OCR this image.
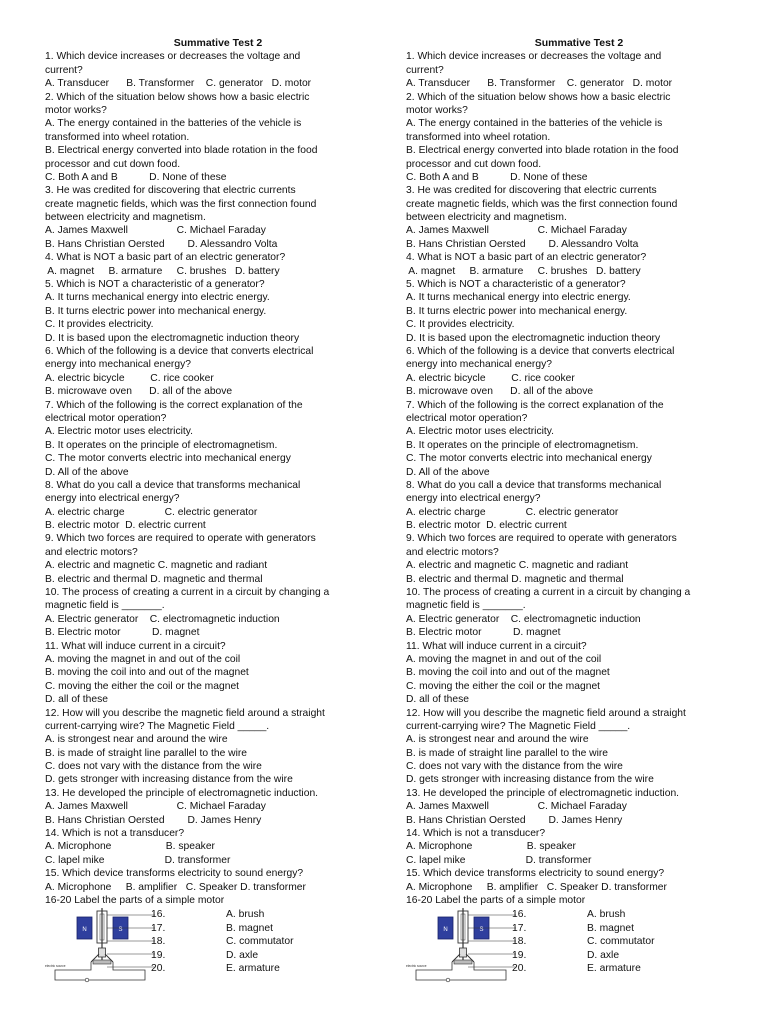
Summative Test 2
1. Which device increases or decreases the voltage and
current?
A. Transducer      B. Transformer    C. generator   D. motor
2. Which of the situation below shows how a basic electric
motor works?
A. The energy contained in the batteries of the vehicle is
transformed into wheel rotation.
B. Electrical energy converted into blade rotation in the food
processor and cut down food.
C. Both A and B           D. None of these
3. He was credited for discovering that electric currents
create magnetic fields, which was the first connection found
between electricity and magnetism.
A. James Maxwell                 C. Michael Faraday
B. Hans Christian Oersted        D. Alessandro Volta
4. What is NOT a basic part of an electric generator?
A. magnet     B. armature     C. brushes   D. battery
5. Which is NOT a characteristic of a generator?
A. It turns mechanical energy into electric energy.
B. It turns electric power into mechanical energy.
C. It provides electricity.
D. It is based upon the electromagnetic induction theory
6. Which of the following is a device that converts electrical
energy into mechanical energy?
A. electric bicycle         C. rice cooker
B. microwave oven      D. all of the above
7. Which of the following is the correct explanation of the
electrical motor operation?
A. Electric motor uses electricity.
B. It operates on the principle of electromagnetism.
C. The motor converts electric into mechanical energy
D. All of the above
8. What do you call a device that transforms mechanical
energy into electrical energy?
A. electric charge              C. electric generator
B. electric motor  D. electric current
9. Which two forces are required to operate with generators
and electric motors?
A. electric and magnetic C. magnetic and radiant
B. electric and thermal D. magnetic and thermal
10. The process of creating a current in a circuit by changing a
magnetic field is _______.
A. Electric generator    C. electromagnetic induction
B. Electric motor           D. magnet
11. What will induce current in a circuit?
A. moving the magnet in and out of the coil
B. moving the coil into and out of the magnet
C. moving the either the coil or the magnet
D. all of these
12. How will you describe the magnetic field around a straight
current-carrying wire? The Magnetic Field _____.
A. is strongest near and around the wire
B. is made of straight line parallel to the wire
C. does not vary with the distance from the wire
D. gets stronger with increasing distance from the wire
13. He developed the principle of electromagnetic induction.
A. James Maxwell                 C. Michael Faraday
B. Hans Christian Oersted        D. James Henry
14. Which is not a transducer?
A. Microphone                   B. speaker
C. lapel mike                     D. transformer
15. Which device transforms electricity to sound energy?
A. Microphone     B. amplifier   C. Speaker D. transformer
16-20 Label the parts of a simple motor
N	S
electric source
16.	A. brush
17.	B. magnet
18.	C. commutator
19.	D. axle
20.	E. armature
Summative Test 2
1. Which device increases or decreases the voltage and
current?
A. Transducer      B. Transformer    C. generator   D. motor
2. Which of the situation below shows how a basic electric
motor works?
A. The energy contained in the batteries of the vehicle is
transformed into wheel rotation.
B. Electrical energy converted into blade rotation in the food
processor and cut down food.
C. Both A and B           D. None of these
3. He was credited for discovering that electric currents
create magnetic fields, which was the first connection found
between electricity and magnetism.
A. James Maxwell                 C. Michael Faraday
B. Hans Christian Oersted        D. Alessandro Volta
4. What is NOT a basic part of an electric generator?
A. magnet     B. armature     C. brushes   D. battery
5. Which is NOT a characteristic of a generator?
A. It turns mechanical energy into electric energy.
B. It turns electric power into mechanical energy.
C. It provides electricity.
D. It is based upon the electromagnetic induction theory
6. Which of the following is a device that converts electrical
energy into mechanical energy?
A. electric bicycle         C. rice cooker
B. microwave oven      D. all of the above
7. Which of the following is the correct explanation of the
electrical motor operation?
A. Electric motor uses electricity.
B. It operates on the principle of electromagnetism.
C. The motor converts electric into mechanical energy
D. All of the above
8. What do you call a device that transforms mechanical
energy into electrical energy?
A. electric charge              C. electric generator
B. electric motor  D. electric current
9. Which two forces are required to operate with generators
and electric motors?
A. electric and magnetic C. magnetic and radiant
B. electric and thermal D. magnetic and thermal
10. The process of creating a current in a circuit by changing a
magnetic field is _______.
A. Electric generator    C. electromagnetic induction
B. Electric motor           D. magnet
11. What will induce current in a circuit?
A. moving the magnet in and out of the coil
B. moving the coil into and out of the magnet
C. moving the either the coil or the magnet
D. all of these
12. How will you describe the magnetic field around a straight
current-carrying wire? The Magnetic Field _____.
A. is strongest near and around the wire
B. is made of straight line parallel to the wire
C. does not vary with the distance from the wire
D. gets stronger with increasing distance from the wire
13. He developed the principle of electromagnetic induction.
A. James Maxwell                 C. Michael Faraday
B. Hans Christian Oersted        D. James Henry
14. Which is not a transducer?
A. Microphone                   B. speaker
C. lapel mike                     D. transformer
15. Which device transforms electricity to sound energy?
A. Microphone     B. amplifier   C. Speaker D. transformer
16-20 Label the parts of a simple motor
N	S
electric source
16.	A. brush
17.	B. magnet
18.	C. commutator
19.	D. axle
20.	E. armature
